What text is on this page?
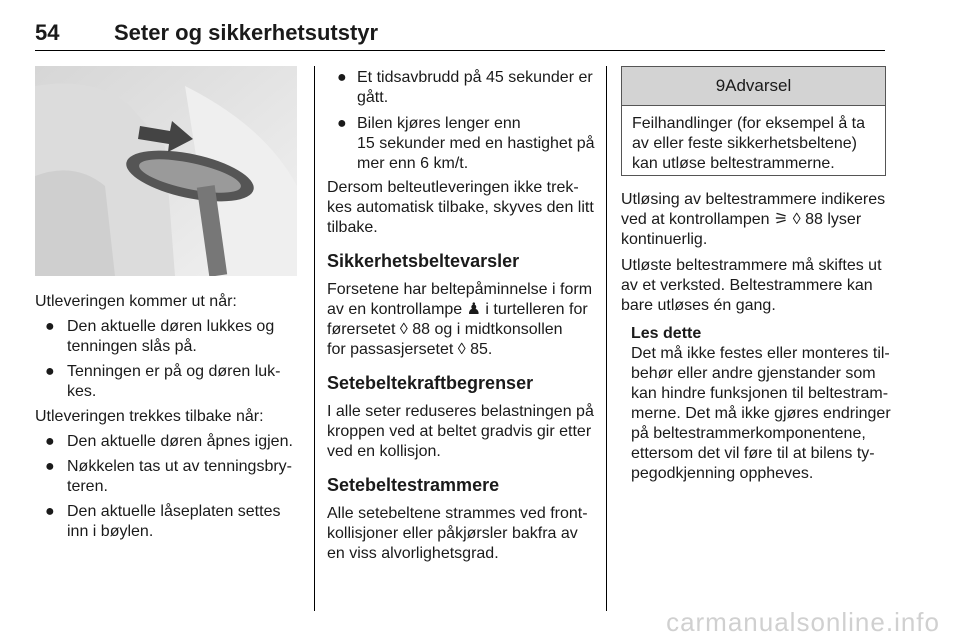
54 Seter og sikkerhetsutstyr

Utleveringen kommer ut når:

● Den aktuelle døren lukkes og
tenningen slås på.
● Tenningen er på og døren luk-
kes.

Utleveringen trekkes tilbake når:

● Den aktuelle døren åpnes igjen.
● Nøkkelen tas ut av tenningsbry-
teren.
● Den aktuelle låseplaten settes
inn i bøylen.
● Et tidsavbrudd på 45 sekunder er
gått.
● Bilen kjøres lenger enn
15 sekunder med en hastighet på
mer enn 6 km/t.

Dersom belteutleveringen ikke trek-
kes automatisk tilbake, skyves den litt
tilbake.

Sikkerhetsbeltevarsler

Forsetene har beltepåminnelse i form
av en kontrollampe ♟ i turtelleren for
førersetet ◊ 88 og i midtkonsollen
for passasjersetet ◊ 85.

Setebeltekraftbegrenser

I alle seter reduseres belastningen på
kroppen ved at beltet gradvis gir etter
ved en kollisjon.

Setebeltestrammere

Alle setebeltene strammes ved front-
kollisjoner eller påkjørsler bakfra av
en viss alvorlighetsgrad.

9Advarsel
Feilhandlinger (for eksempel å ta
av eller feste sikkerhetsbeltene)
kan utløse beltestrammerne.

Utløsing av beltestrammere indikeres
ved at kontrollampen ⚞ ◊ 88 lyser
kontinuerlig.

Utløste beltestrammere må skiftes ut
av et verksted. Beltestrammere kan
bare utløses én gang.

Les dette

Det må ikke festes eller monteres til-
behør eller andre gjenstander som
kan hindre funksjonen til beltestram-
merne. Det må ikke gjøres endringer
på beltestrammerkomponentene,
ettersom det vil føre til at bilens ty-
pegodkjenning oppheves.

carmanualsonline.info
